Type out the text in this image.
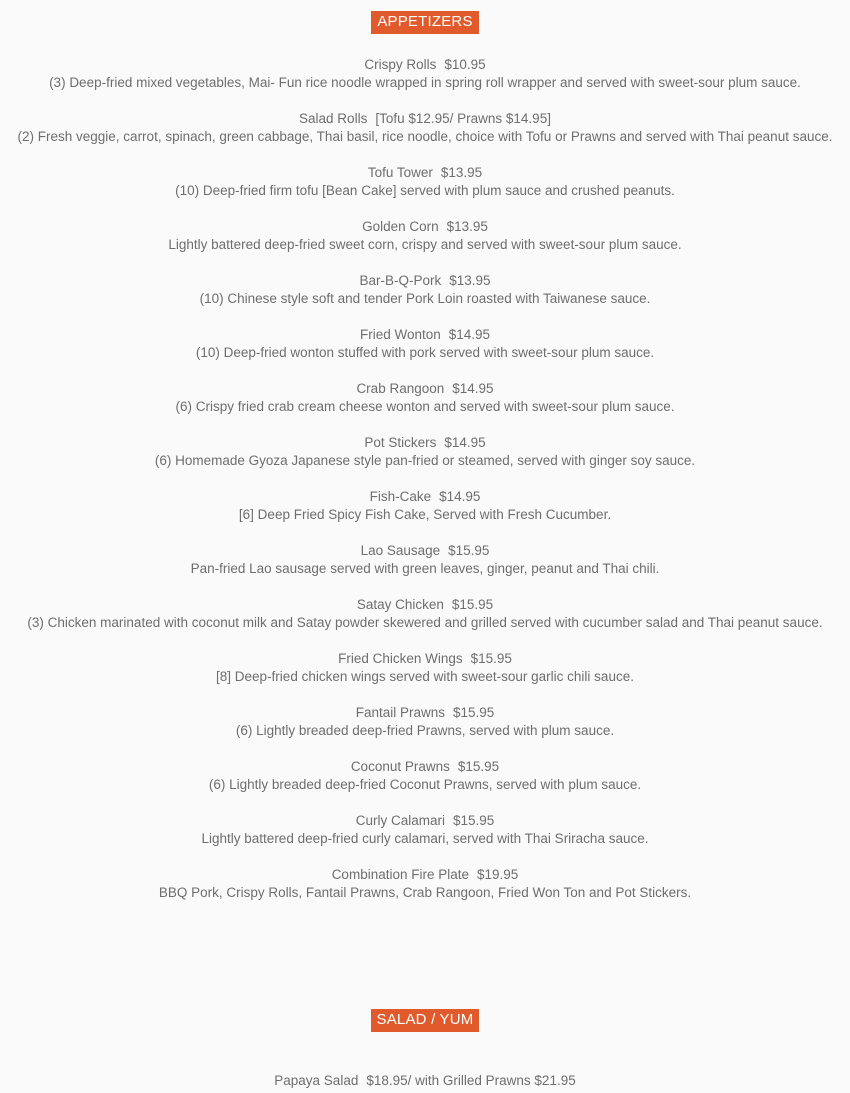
APPETIZERS
Crispy Rolls $10.95
(3) Deep-fried mixed vegetables, Mai- Fun rice noodle wrapped in spring roll wrapper and served with sweet-sour plum sauce.
Salad Rolls [Tofu $12.95/ Prawns $14.95]
(2) Fresh veggie, carrot, spinach, green cabbage, Thai basil, rice noodle, choice with Tofu or Prawns and served with Thai peanut sauce.
Tofu Tower $13.95
(10) Deep-fried firm tofu [Bean Cake] served with plum sauce and crushed peanuts.
Golden Corn $13.95
Lightly battered deep-fried sweet corn, crispy and served with sweet-sour plum sauce.
Bar-B-Q-Pork $13.95
(10) Chinese style soft and tender Pork Loin roasted with Taiwanese sauce.
Fried Wonton $14.95
(10) Deep-fried wonton stuffed with pork served with sweet-sour plum sauce.
Crab Rangoon $14.95
(6) Crispy fried crab cream cheese wonton and served with sweet-sour plum sauce.
Pot Stickers $14.95
(6) Homemade Gyoza Japanese style pan-fried or steamed, served with ginger soy sauce.
Fish-Cake $14.95
[6] Deep Fried Spicy Fish Cake, Served with Fresh Cucumber.
Lao Sausage $15.95
Pan-fried Lao sausage served with green leaves, ginger, peanut and Thai chili.
Satay Chicken $15.95
(3) Chicken marinated with coconut milk and Satay powder skewered and grilled served with cucumber salad and Thai peanut sauce.
Fried Chicken Wings $15.95
[8] Deep-fried chicken wings served with sweet-sour garlic chili sauce.
Fantail Prawns $15.95
(6) Lightly breaded deep-fried Prawns, served with plum sauce.
Coconut Prawns $15.95
(6) Lightly breaded deep-fried Coconut Prawns, served with plum sauce.
Curly Calamari $15.95
Lightly battered deep-fried curly calamari, served with Thai Sriracha sauce.
Combination Fire Plate $19.95
BBQ Pork, Crispy Rolls, Fantail Prawns, Crab Rangoon, Fried Won Ton and Pot Stickers.
SALAD / YUM
Papaya Salad $18.95/ with Grilled Prawns $21.95
